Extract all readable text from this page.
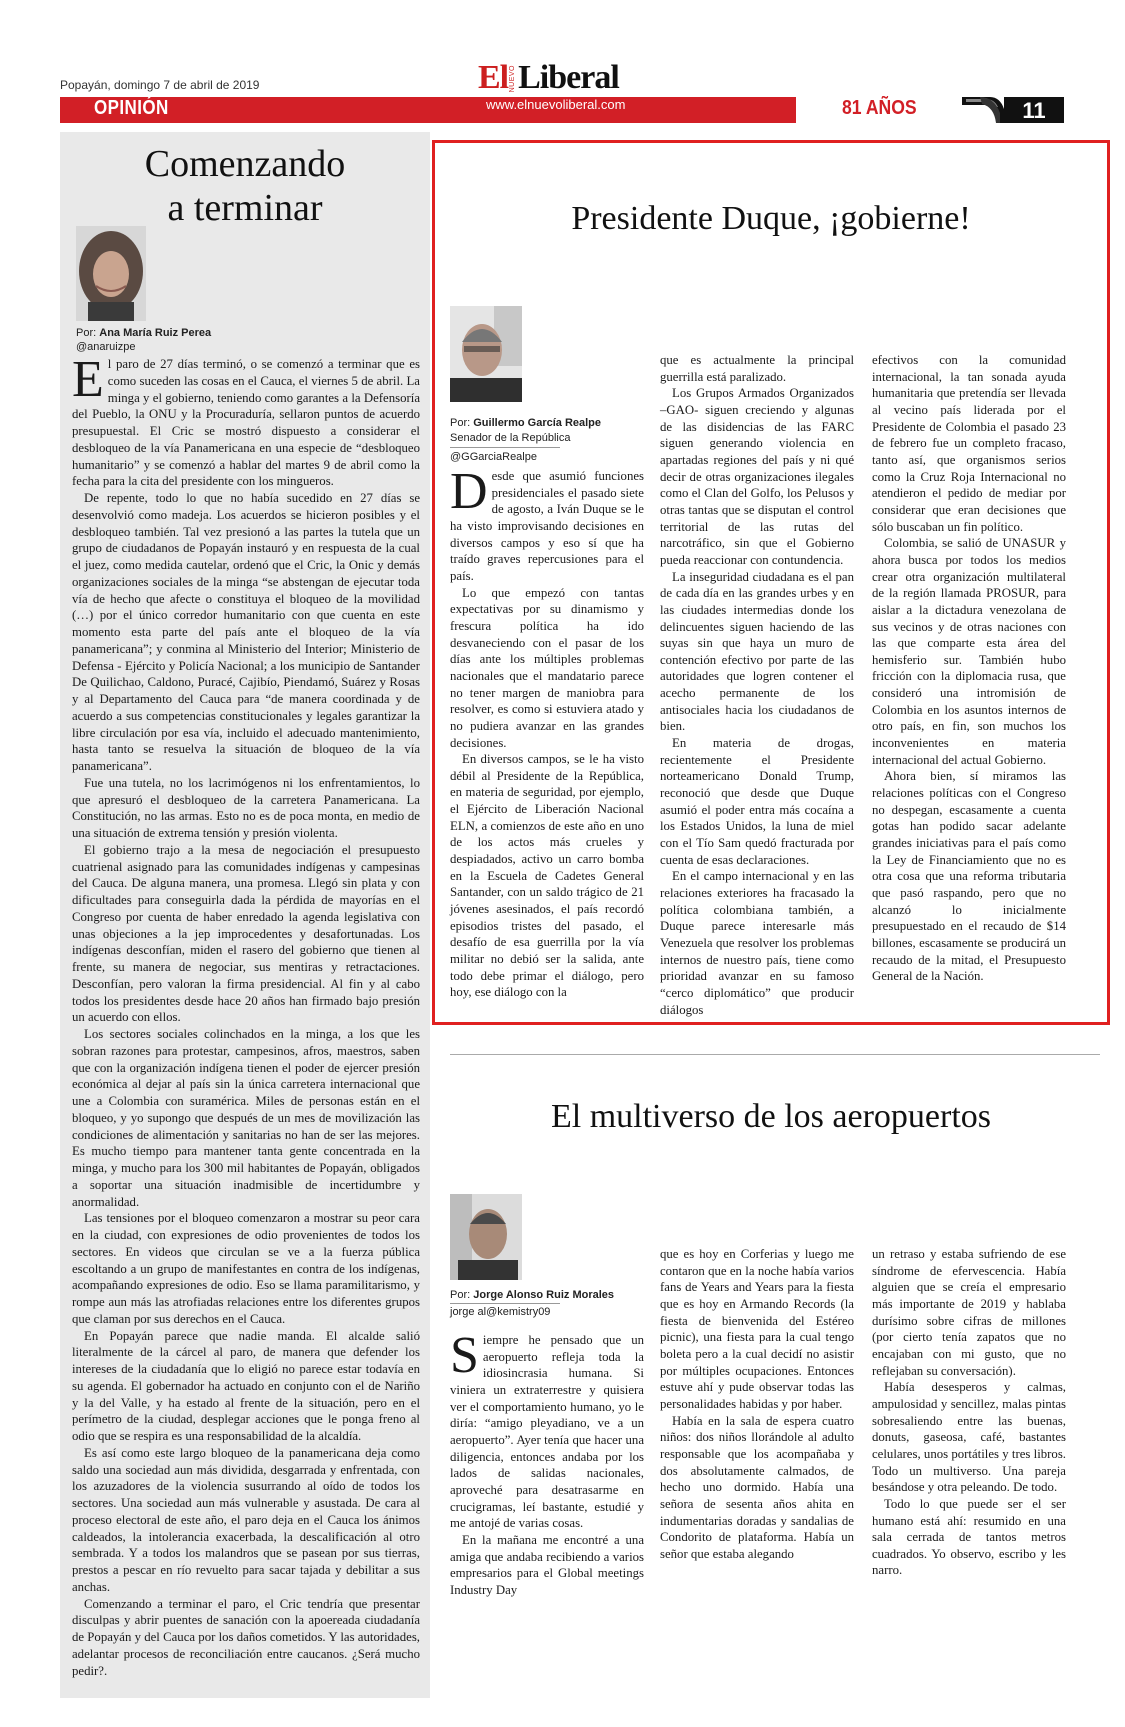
Popayán, domingo 7 de abril de 2019	El NUEVO Liberal
OPINIÓN	www.elnuevoliberal.com	81 AÑOS	11
Comenzando
a terminar
Por: Ana María Ruiz Perea
@anaruizpe

El paro de 27 días terminó, o se comenzó a terminar que es como suceden las cosas en el Cauca, el viernes 5 de abril. La minga y el gobierno, teniendo como garantes a la Defensoría del Pueblo, la ONU y la Procuraduría, sellaron puntos de acuerdo presupuestal. El Cric se mostró dispuesto a considerar el desbloqueo de la vía Panamericana en una especie de “desbloqueo humanitario” y se comenzó a hablar del martes 9 de abril como la fecha para la cita del presidente con los mingueros.

De repente, todo lo que no había sucedido en 27 días se desenvolvió como madeja. Los acuerdos se hicieron posibles y el desbloqueo también. Tal vez presionó a las partes la tutela que un grupo de ciudadanos de Popayán instauró y en respuesta de la cual el juez, como medida cautelar, ordenó que el Cric, la Onic y demás organizaciones sociales de la minga “se abstengan de ejecutar toda vía de hecho que afecte o constituya el bloqueo de la movilidad (…) por el único corredor humanitario con que cuenta en este momento esta parte del país ante el bloqueo de la vía panamericana”; y conmina al Ministerio del Interior; Ministerio de Defensa - Ejército y Policía Nacional; a los municipio de Santander De Quilichao, Caldono, Puracé, Cajibío, Piendamó, Suárez y Rosas y al Departamento del Cauca para “de manera coordinada y de acuerdo a sus competencias constitucionales y legales garantizar la libre circulación por esa vía, incluido el adecuado mantenimiento, hasta tanto se resuelva la situación de bloqueo de la vía panamericana”.

Fue una tutela, no los lacrimógenos ni los enfrentamientos, lo que apresuró el desbloqueo de la carretera Panamericana. La Constitución, no las armas. Esto no es de poca monta, en medio de una situación de extrema tensión y presión violenta.

El gobierno trajo a la mesa de negociación el presupuesto cuatrienal asignado para las comunidades indígenas y campesinas del Cauca. De alguna manera, una promesa. Llegó sin plata y con dificultades para conseguirla dada la pérdida de mayorías en el Congreso por cuenta de haber enredado la agenda legislativa con unas objeciones a la jep improcedentes y desafortunadas. Los indígenas desconfían, miden el rasero del gobierno que tienen al frente, su manera de negociar, sus mentiras y retractaciones. Desconfían, pero valoran la firma presidencial. Al fin y al cabo todos los presidentes desde hace 20 años han firmado bajo presión un acuerdo con ellos.

Los sectores sociales colinchados en la minga, a los que les sobran razones para protestar, campesinos, afros, maestros, saben que con la organización indígena tienen el poder de ejercer presión económica al dejar al país sin la única carretera internacional que une a Colombia con suramérica. Miles de personas están en el bloqueo, y yo supongo que después de un mes de movilización las condiciones de alimentación y sanitarias no han de ser las mejores. Es mucho tiempo para mantener tanta gente concentrada en la minga, y mucho para los 300 mil habitantes de Popayán, obligados a soportar una situación inadmisible de incertidumbre y anormalidad.

Las tensiones por el bloqueo comenzaron a mostrar su peor cara en la ciudad, con expresiones de odio provenientes de todos los sectores. En videos que circulan se ve a la fuerza pública escoltando a un grupo de manifestantes en contra de los indígenas, acompañando expresiones de odio. Eso se llama paramilitarismo, y rompe aun más las atrofiadas relaciones entre los diferentes grupos que claman por sus derechos en el Cauca.

En Popayán parece que nadie manda. El alcalde salió literalmente de la cárcel al paro, de manera que defender los intereses de la ciudadanía que lo eligió no parece estar todavía en su agenda. El gobernador ha actuado en conjunto con el de Nariño y la del Valle, y ha estado al frente de la situación, pero en el perímetro de la ciudad, desplegar acciones que le ponga freno al odio que se respira es una responsabilidad de la alcaldía.

Es así como este largo bloqueo de la panamericana deja como saldo una sociedad aun más dividida, desgarrada y enfrentada, con los azuzadores de la violencia susurrando al oído de todos los sectores. Una sociedad aun más vulnerable y asustada. De cara al proceso electoral de este año, el paro deja en el Cauca los ánimos caldeados, la intolerancia exacerbada, la descalificación al otro sembrada. Y a todos los malandros que se pasean por sus tierras, prestos a pescar en río revuelto para sacar tajada y debilitar a sus anchas.

Comenzando a terminar el paro, el Cric tendría que presentar disculpas y abrir puentes de sanación con la apoereada ciudadanía de Popayán y del Cauca por los daños cometidos. Y las autoridades, adelantar procesos de reconciliación entre caucanos. ¿Será mucho pedir?.

Presidente Duque, ¡gobierne!
Por: Guillermo García Realpe
Senador de la República
@GGarciaRealpe

Desde que asumió funciones presidenciales el pasado siete de agosto, a Iván Duque se le ha visto improvisando decisiones en diversos campos y eso sí que ha traído graves repercusiones para el país.

Lo que empezó con tantas expectativas por su dinamismo y frescura política ha ido desvaneciendo con el pasar de los días ante los múltiples problemas nacionales que el mandatario parece no tener margen de maniobra para resolver, es como si estuviera atado y no pudiera avanzar en las grandes decisiones.

En diversos campos, se le ha visto débil al Presidente de la República, en materia de seguridad, por ejemplo, el Ejército de Liberación Nacional ELN, a comienzos de este año en uno de los actos más crueles y despiadados, activo un carro bomba en la Escuela de Cadetes General Santander, con un saldo trágico de 21 jóvenes asesinados, el país recordó episodios tristes del pasado, el desafío de esa guerrilla por la vía militar no debió ser la salida, ante todo debe primar el diálogo, pero hoy, ese diálogo con la

que es actualmente la principal guerrilla está paralizado.

Los Grupos Armados Organizados –GAO- siguen creciendo y algunas de las disidencias de las FARC siguen generando violencia en apartadas regiones del país y ni qué decir de otras organizaciones ilegales como el Clan del Golfo, los Pelusos y otras tantas que se disputan el control territorial de las rutas del narcotráfico, sin que el Gobierno pueda reaccionar con contundencia.

La inseguridad ciudadana es el pan de cada día en las grandes urbes y en las ciudades intermedias donde los delincuentes siguen haciendo de las suyas sin que haya un muro de contención efectivo por parte de las autoridades que logren contener el acecho permanente de los antisociales hacia los ciudadanos de bien.

En materia de drogas, recientemente el Presidente norteamericano Donald Trump, reconoció que desde que Duque asumió el poder entra más cocaína a los Estados Unidos, la luna de miel con el Tío Sam quedó fracturada por cuenta de esas declaraciones.

En el campo internacional y en las relaciones exteriores ha fracasado la política colombiana también, a Duque parece interesarle más Venezuela que resolver los problemas internos de nuestro país, tiene como prioridad avanzar en su famoso “cerco diplomático” que producir diálogos

efectivos con la comunidad internacional, la tan sonada ayuda humanitaria que pretendía ser llevada al vecino país liderada por el Presidente de Colombia el pasado 23 de febrero fue un completo fracaso, tanto así, que organismos serios como la Cruz Roja Internacional no atendieron el pedido de mediar por considerar que eran decisiones que sólo buscaban un fin político.

Colombia, se salió de UNASUR y ahora busca por todos los medios crear otra organización multilateral de la región llamada PROSUR, para aislar a la dictadura venezolana de sus vecinos y de otras naciones con las que comparte esta área del hemisferio sur. También hubo fricción con la diplomacia rusa, que consideró una intromisión de Colombia en los asuntos internos de otro país, en fin, son muchos los inconvenientes en materia internacional del actual Gobierno.

Ahora bien, sí miramos las relaciones políticas con el Congreso no despegan, escasamente a cuenta gotas han podido sacar adelante grandes iniciativas para el país como la Ley de Financiamiento que no es otra cosa que una reforma tributaria que pasó raspando, pero que no alcanzó lo inicialmente presupuestado en el recaudo de $14 billones, escasamente se producirá un recaudo de la mitad, el Presupuesto General de la Nación.

El multiverso de los aeropuertos
Por: Jorge Alonso Ruiz Morales
jorge al@kemistry09

Siempre he pensado que un aeropuerto refleja toda la idiosincrasia humana. Si viniera un extraterrestre y quisiera ver el comportamiento humano, yo le diría: “amigo pleyadiano, ve a un aeropuerto”. Ayer tenía que hacer una diligencia, entonces andaba por los lados de salidas nacionales, aproveché para desatrasarme en crucigramas, leí bastante, estudié y me antojé de varias cosas.

En la mañana me encontré a una amiga que andaba recibiendo a varios empresarios para el Global meetings Industry Day

que es hoy en Corferias y luego me contaron que en la noche había varios fans de Years and Years para la fiesta que es hoy en Armando Records (la fiesta de bienvenida del Estéreo picnic), una fiesta para la cual tengo boleta pero a la cual decidí no asistir por múltiples ocupaciones. Entonces estuve ahí y pude observar todas las personalidades habidas y por haber.

Había en la sala de espera cuatro niños: dos niños llorándole al adulto responsable que los acompañaba y dos absolutamente calmados, de hecho uno dormido. Había una señora de sesenta años ahita en indumentarias doradas y sandalias de Condorito de plataforma. Había un señor que estaba alegando

un retraso y estaba sufriendo de ese síndrome de efervescencia. Había alguien que se creía el empresario más importante de 2019 y hablaba durísimo sobre cifras de millones (por cierto tenía zapatos que no encajaban con mi gusto, que no reflejaban su conversación).

Había desesperos y calmas, ampulosidad y sencillez, malas pintas sobresaliendo entre las buenas, donuts, gaseosa, café, bastantes celulares, unos portátiles y tres libros. Todo un multiverso. Una pareja besándose y otra peleando. De todo.

Todo lo que puede ser el ser humano está ahí: resumido en una sala cerrada de tantos metros cuadrados. Yo observo, escribo y les narro.
